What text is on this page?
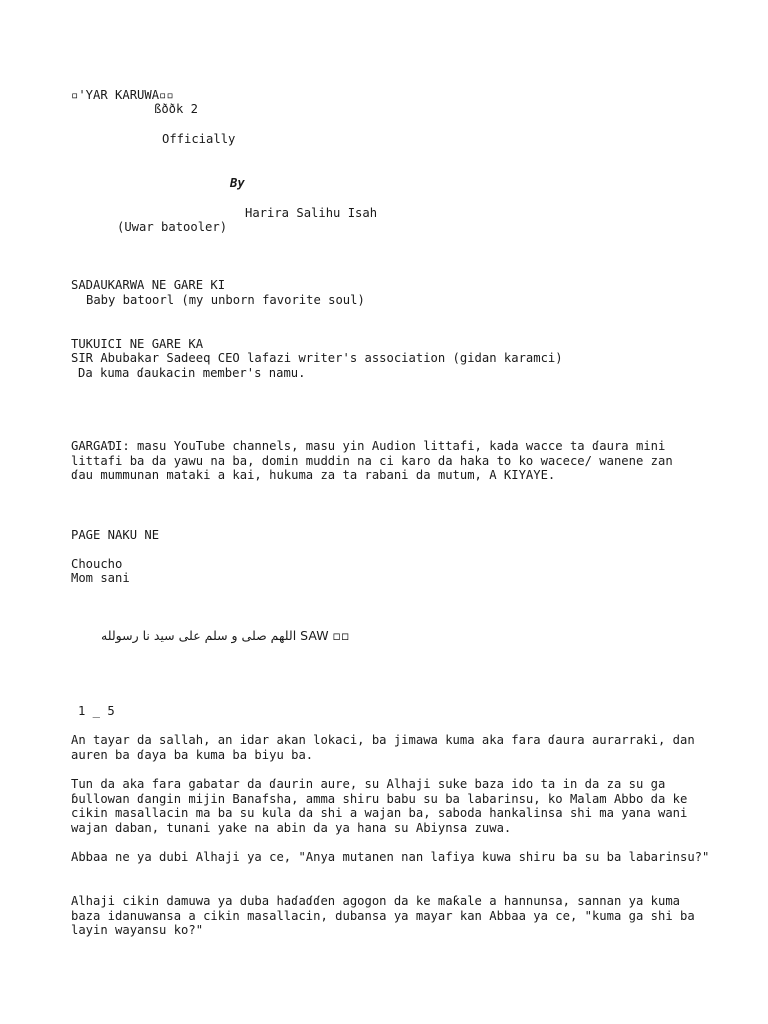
▫'YAR KARUWA▫▫
ßððk 2
Officially
By
Harira Salihu Isah
(Uwar batooler)
SADAUKARWA NE GARE KI
Baby batoorl (my unborn favorite soul)
TUKUICI NE GARE KA
SIR Abubakar Sadeeq CEO lafazi writer's association (gidan karamci)
Da kuma ɗaukacin member's namu.
GARGAƊI: masu YouTube channels, masu yin Audion littafi, kada wacce ta ɗaura mini littafi ba da yawu na ba, domin muddin na ci karo da haka to ko wacece/ wanene zan ɗau mummunan mataki a kai, hukuma za ta rabani da mutum, A KIYAYE.
PAGE NAKU NE
Choucho
Mom sani
اللهم صلى و سلم على سيد نا رسولله SAW ▫▫
1 _ 5
An tayar da sallah, an idar akan lokaci, ba jimawa kuma aka fara ɗaura aurarraki, dan auren ba ɗaya ba kuma ba biyu ba.
Tun da aka fara gabatar da ɗaurin aure, su Alhaji suke baza ido ta in da za su ga ɓullowan ɗangin mijin Banafsha, amma shiru babu su ba labarinsu, ko Malam Abbo da ke cikin masallacin ma ba su kula da shi a wajan ba, saboda hankalinsa shi ma yana wani wajan daban, tunani yake na abin da ya hana su Abiynsa zuwa.
Abbaa ne ya dubi Alhaji ya ce, "Anya mutanen nan lafiya kuwa shiru ba su ba labarinsu?"
Alhaji cikin damuwa ya duba haɗaɗɗen agogon da ke maƙale a hannunsa, sannan ya kuma baza idanuwansa a cikin masallacin, dubansa ya mayar kan Abbaa ya ce, "kuma ga shi ba layin wayansu ko?"
